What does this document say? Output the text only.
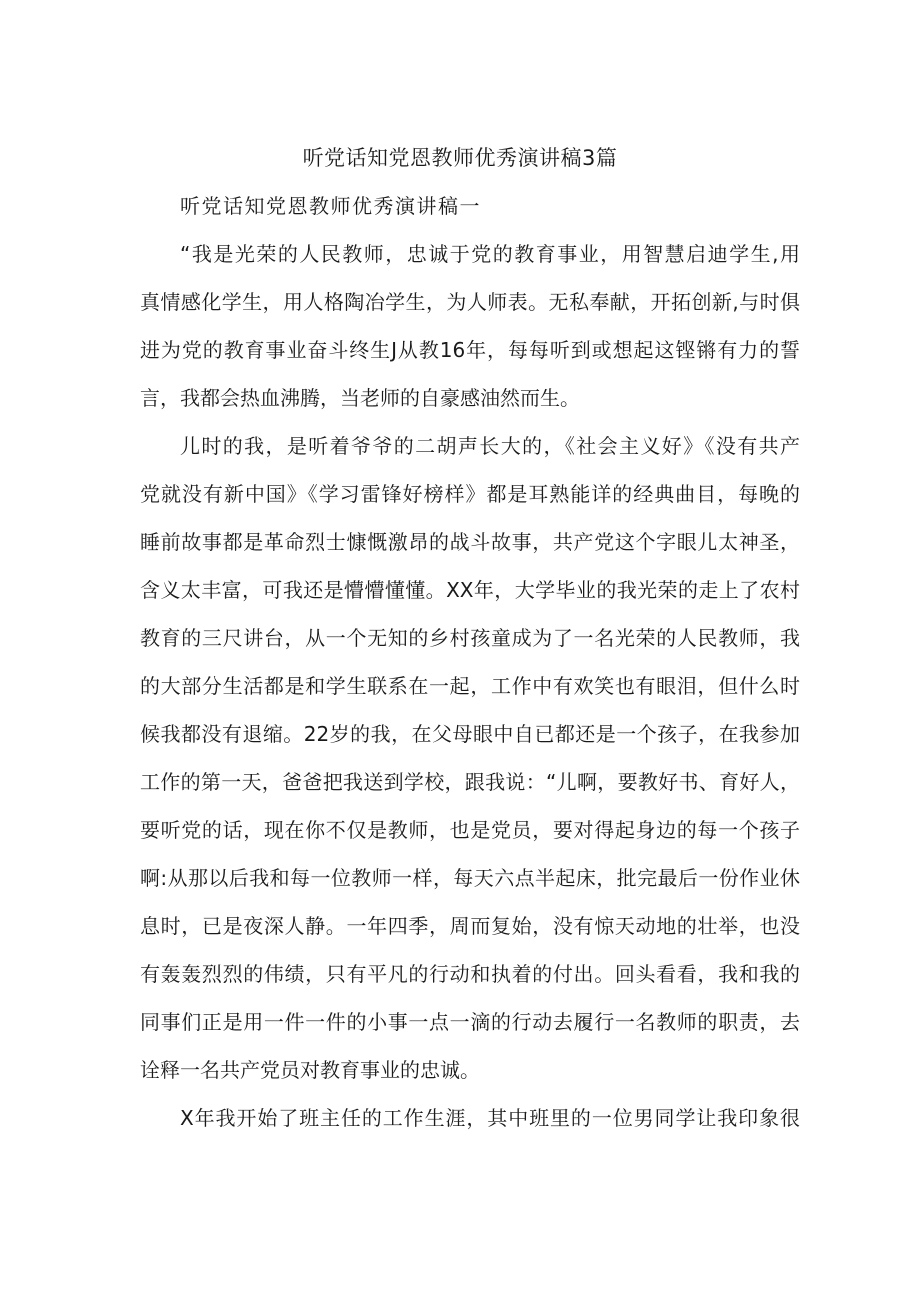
听党话知党恩教师优秀演讲稿3篇
听党话知党恩教师优秀演讲稿一

“我是光荣的人民教师，忠诚于党的教育事业，用智慧启迪学生,用

真情感化学生，用人格陶冶学生，为人师表。无私奉献，开拓创新,与时俱

进为党的教育事业奋斗终生J从教16年，每每听到或想起这铿锵有力的誓

言，我都会热血沸腾，当老师的自豪感油然而生。

儿时的我，是听着爷爷的二胡声长大的，《社会主义好》《没有共产

党就没有新中国》《学习雷锋好榜样》都是耳熟能详的经典曲目，每晚的

睡前故事都是革命烈士慷慨激昂的战斗故事，共产党这个字眼儿太神圣，

含义太丰富，可我还是懵懵懂懂。XX年，大学毕业的我光荣的走上了农村

教育的三尺讲台，从一个无知的乡村孩童成为了一名光荣的人民教师，我

的大部分生活都是和学生联系在一起，工作中有欢笑也有眼泪，但什么时

候我都没有退缩。22岁的我，在父母眼中自已都还是一个孩子，在我参加

工作的第一天，爸爸把我送到学校，跟我说：“儿啊，要教好书、育好人，

要听党的话，现在你不仅是教师，也是党员，要对得起身边的每一个孩子

啊:从那以后我和每一位教师一样，每天六点半起床，批完最后一份作业休

息时，已是夜深人静。一年四季，周而复始，没有惊天动地的壮举，也没

有轰轰烈烈的伟绩，只有平凡的行动和执着的付出。回头看看，我和我的

同事们正是用一件一件的小事一点一滴的行动去履行一名教师的职责，去

诠释一名共产党员对教育事业的忠诚。

X年我开始了班主任的工作生涯，其中班里的一位男同学让我印象很
